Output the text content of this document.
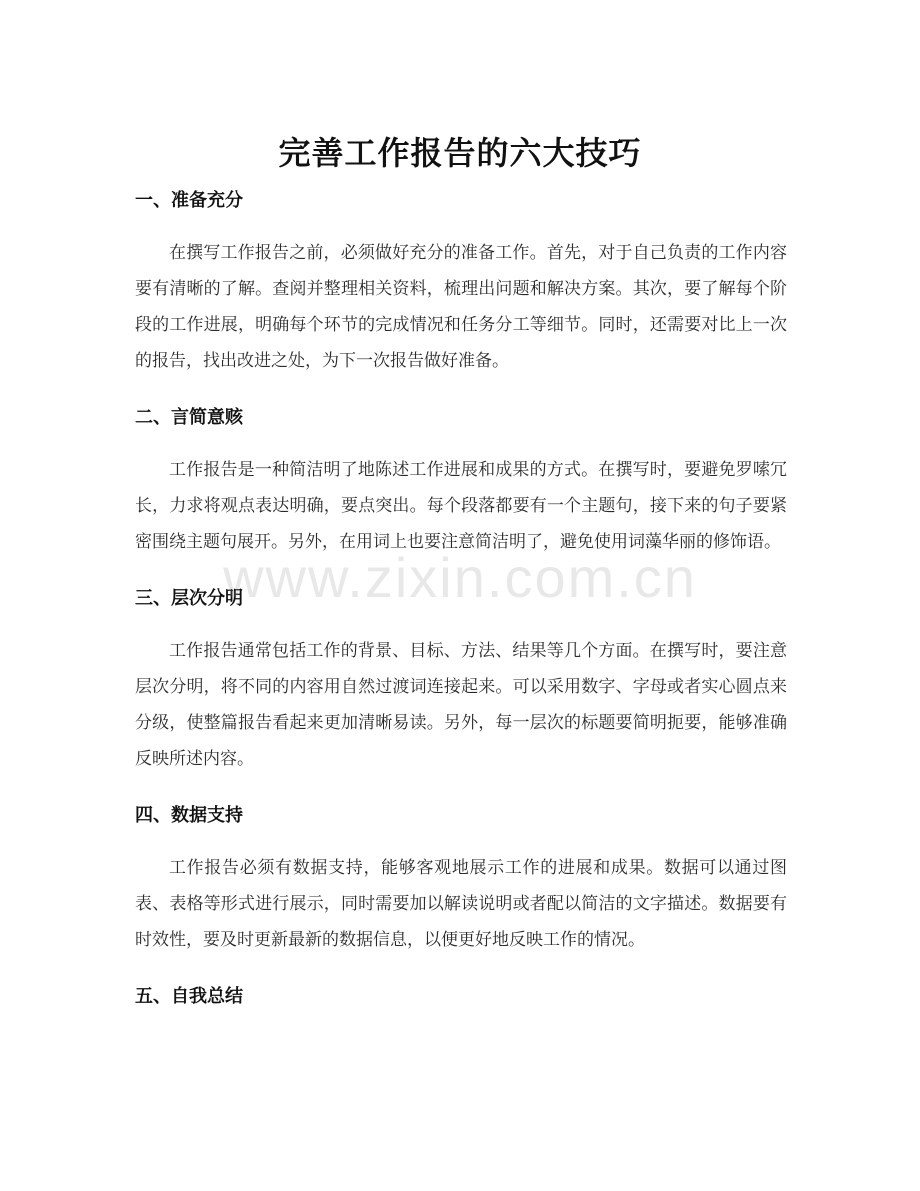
完善工作报告的六大技巧
一、准备充分

在撰写工作报告之前，必须做好充分的准备工作。首先，对于自己负责的工作内容要有清晰的了解。查阅并整理相关资料，梳理出问题和解决方案。其次，要了解每个阶段的工作进展，明确每个环节的完成情况和任务分工等细节。同时，还需要对比上一次的报告，找出改进之处，为下一次报告做好准备。

二、言简意赅

工作报告是一种简洁明了地陈述工作进展和成果的方式。在撰写时，要避免罗嗦冗长，力求将观点表达明确，要点突出。每个段落都要有一个主题句，接下来的句子要紧密围绕主题句展开。另外，在用词上也要注意简洁明了，避免使用词藻华丽的修饰语。

三、层次分明

工作报告通常包括工作的背景、目标、方法、结果等几个方面。在撰写时，要注意层次分明，将不同的内容用自然过渡词连接起来。可以采用数字、字母或者实心圆点来分级，使整篇报告看起来更加清晰易读。另外，每一层次的标题要简明扼要，能够准确反映所述内容。

四、数据支持

工作报告必须有数据支持，能够客观地展示工作的进展和成果。数据可以通过图表、表格等形式进行展示，同时需要加以解读说明或者配以简洁的文字描述。数据要有时效性，要及时更新最新的数据信息，以便更好地反映工作的情况。

五、自我总结
www.zixin.com.cn
